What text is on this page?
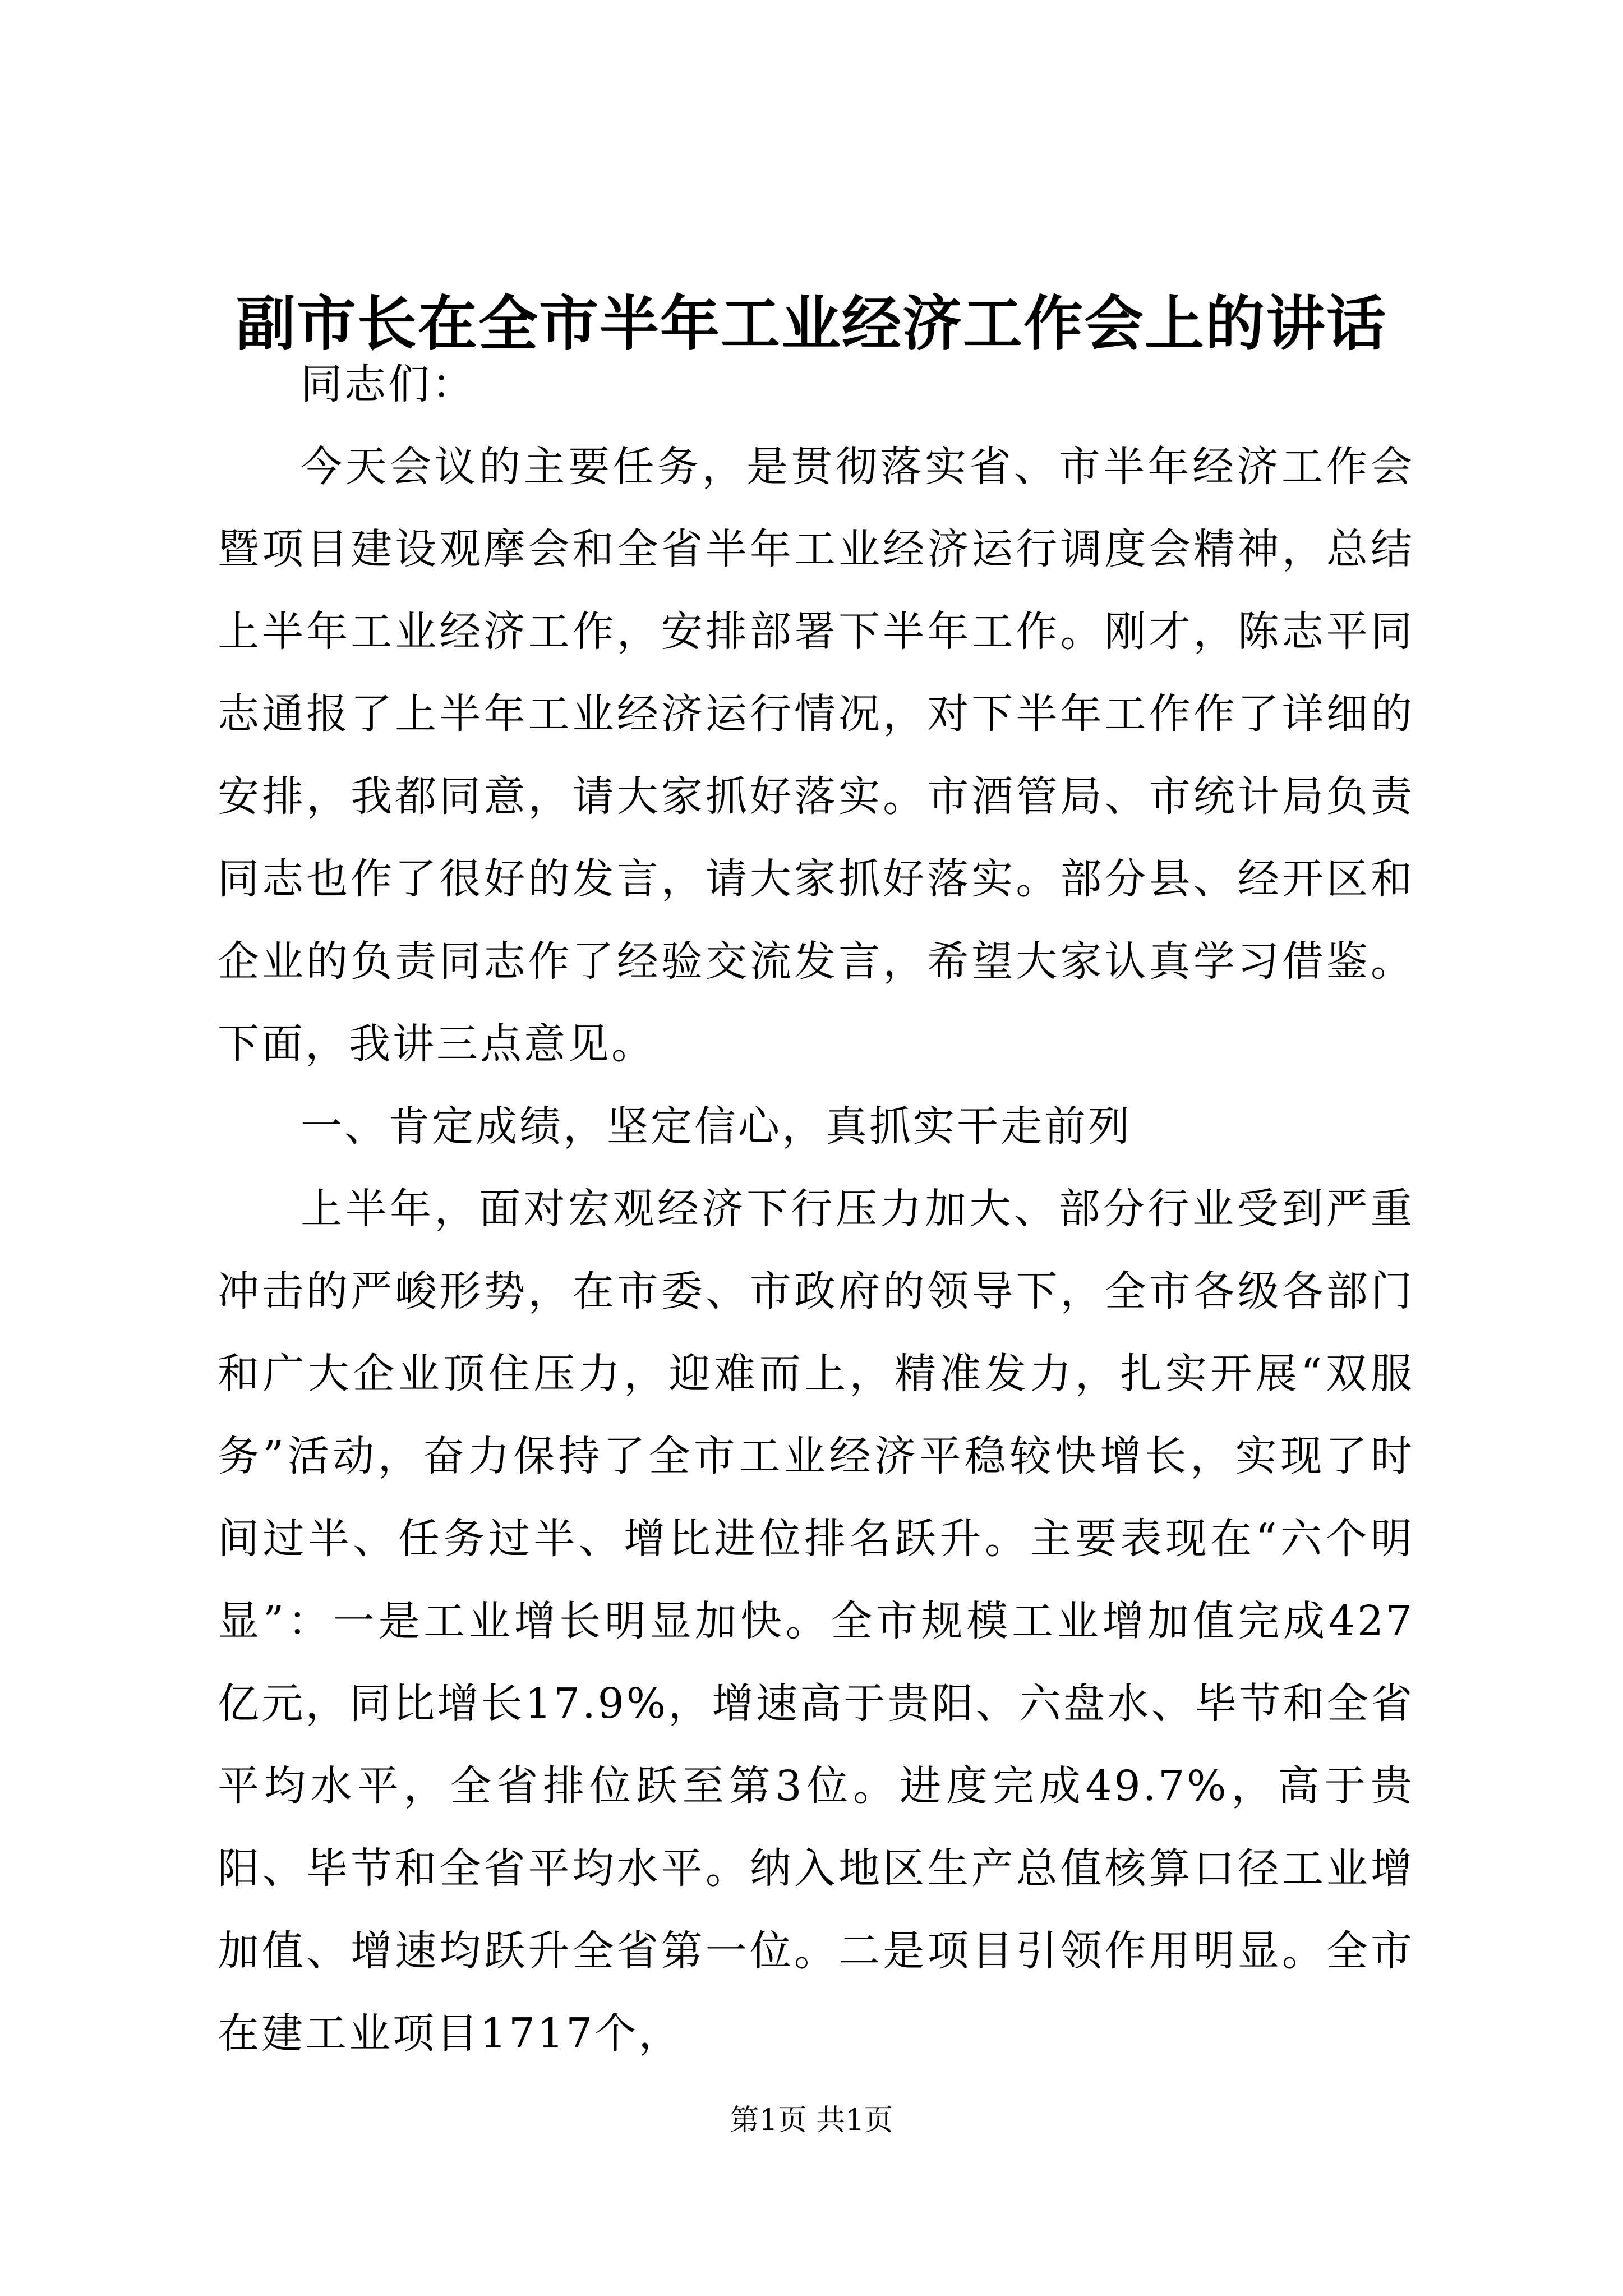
副市长在全市半年工业经济工作会上的讲话

同志们：

今天会议的主要任务，是贯彻落实省、市半年经济工作会暨项目建设观摩会和全省半年工业经济运行调度会精神，总结上半年工业经济工作，安排部署下半年工作。刚才，陈志平同志通报了上半年工业经济运行情况，对下半年工作作了详细的安排，我都同意，请大家抓好落实。市酒管局、市统计局负责同志也作了很好的发言，请大家抓好落实。部分县、经开区和企业的负责同志作了经验交流发言，希望大家认真学习借鉴。下面，我讲三点意见。

一、肯定成绩，坚定信心，真抓实干走前列

上半年，面对宏观经济下行压力加大、部分行业受到严重冲击的严峻形势，在市委、市政府的领导下，全市各级各部门和广大企业顶住压力，迎难而上，精准发力，扎实开展“双服务”活动，奋力保持了全市工业经济平稳较快增长，实现了时间过半、任务过半、增比进位排名跃升。主要表现在“六个明显”：一是工业增长明显加快。全市规模工业增加值完成427亿元，同比增长17.9%，增速高于贵阳、六盘水、毕节和全省平均水平，全省排位跃至第3位。进度完成49.7%，高于贵阳、毕节和全省平均水平。纳入地区生产总值核算口径工业增加值、增速均跃升全省第一位。二是项目引领作用明显。全市在建工业项目1717个，

第1页 共1页
